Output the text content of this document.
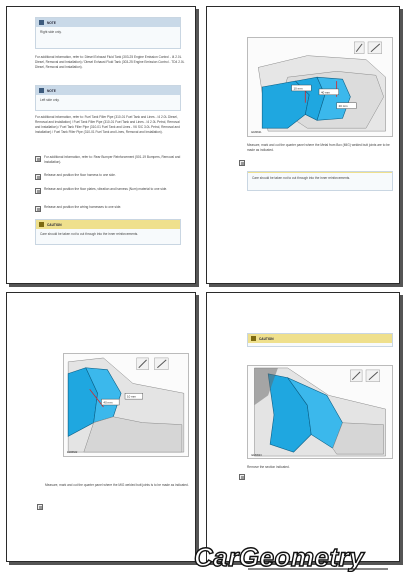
NOTE
Right side only.
For additional information, refer to: Diesel Exhaust Fluid Tank (303-25 Engine Emission Control - I4 2.0L Diesel, Removal and Installation) / Diesel Exhaust Fluid Tank (303-25 Engine Emission Control - TD4 2.0L Diesel, Removal and Installation).
NOTE
Left side only.
For additional information, refer to: Fuel Tank Filler Pipe (310-01 Fuel Tank and Lines - I4 2.0L Diesel, Removal and Installation) / Fuel Tank Filler Pipe (310-01 Fuel Tank and Lines - I4 2.0L Petrol, Removal and Installation) / Fuel Tank Filler Pipe (310-01 Fuel Tank and Lines - V6 S/C 3.0L Petrol, Removal and Installation) / Fuel Tank Filler Pipe (310-01 Fuel Tank and Lines, Removal and Installation).
For additional information, refer to: Rear Bumper Reinforcement (501-19 Bumpers, Removal and Installation).
Release and position the floor harness to one side.
Release and position the floor plates, vibration and harness (Num) material to one side.
Release and position the wiring harnesses to one side.
CAUTION
Care should be taken not to cut through into the inner reinforcements.
10 mm
40 mm
20 mm
E183621
Measure, mark and cut the quarter panel where the Metal from Box (MIG) welded butt joints are to be made as indicated.
Care should be taken not to cut through into the inner reinforcements.
40 mm
10 mm
E183622
Measure, mark and cut the quarter panel where the MIG welded butt joints is to be made as indicated.
CAUTION
E183623
Remove the section indicated.
CarGeometry
